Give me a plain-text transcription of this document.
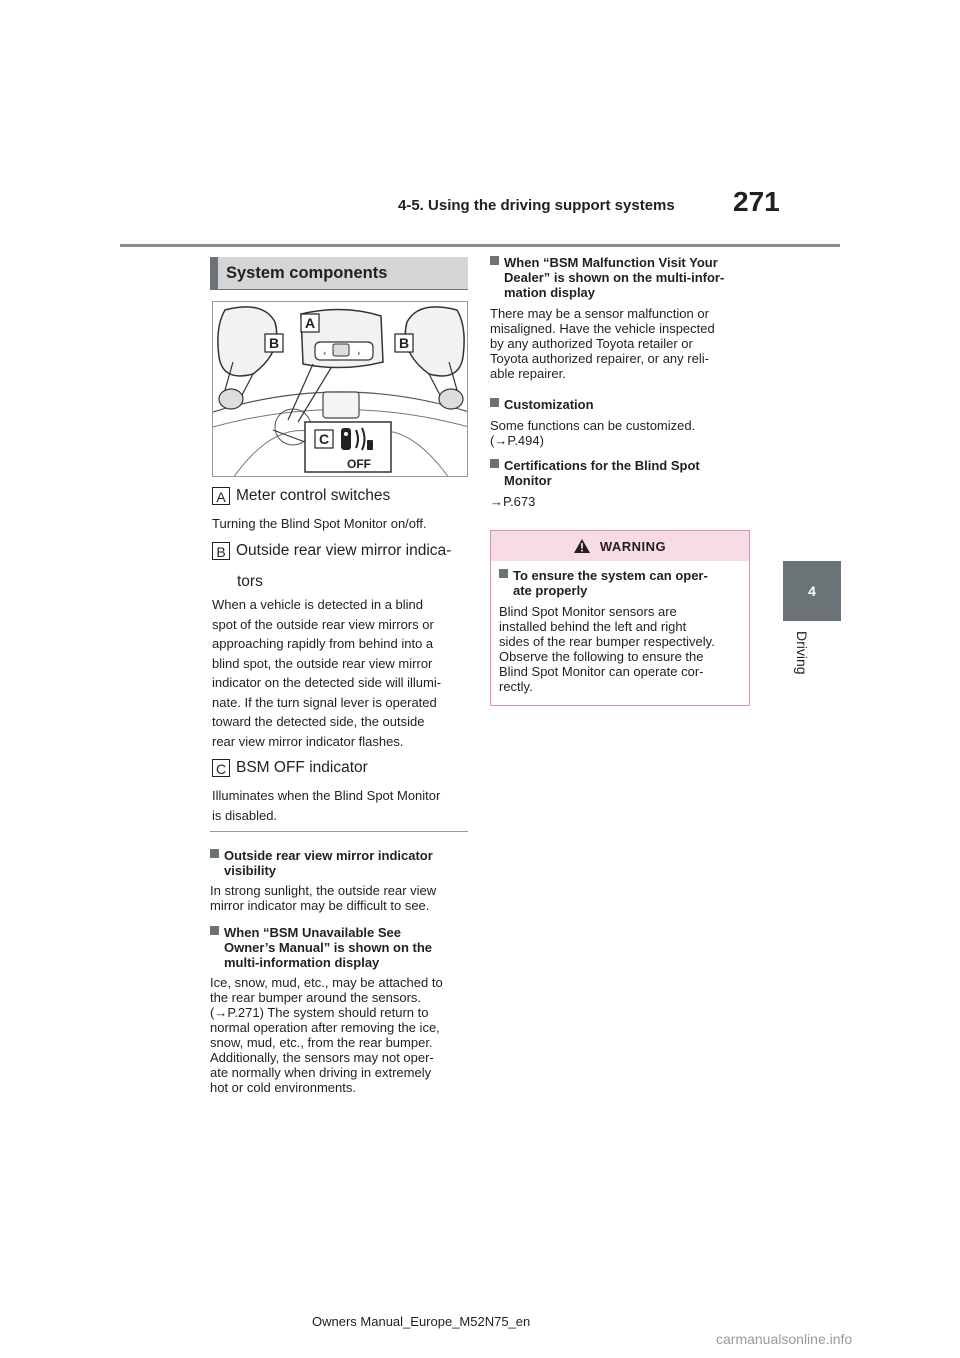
4-5. Using the driving support systems 271
4
Driving
System components
‹	›
A
B	B
C
OFF
A Meter control switches
Turning the Blind Spot Monitor on/off.
B Outside rear view mirror indica-
tors
When a vehicle is detected in a blind
spot of the outside rear view mirrors or
approaching rapidly from behind into a
blind spot, the outside rear view mirror
indicator on the detected side will illumi-
nate. If the turn signal lever is operated
toward the detected side, the outside
rear view mirror indicator flashes.
C BSM OFF indicator
Illuminates when the Blind Spot Monitor
is disabled.
Outside rear view mirror indicator
visibility
In strong sunlight, the outside rear view
mirror indicator may be difficult to see.
When “BSM Unavailable See
Owner’s Manual” is shown on the
multi-information display
Ice, snow, mud, etc., may be attached to
the rear bumper around the sensors.
(→P.271) The system should return to
normal operation after removing the ice,
snow, mud, etc., from the rear bumper.
Additionally, the sensors may not oper-
ate normally when driving in extremely
hot or cold environments.
When “BSM Malfunction Visit Your
Dealer” is shown on the multi-infor-
mation display
There may be a sensor malfunction or
misaligned. Have the vehicle inspected
by any authorized Toyota retailer or
Toyota authorized repairer, or any reli-
able repairer.
Customization
Some functions can be customized.
(→P.494)
Certifications for the Blind Spot
Monitor
→P.673
WARNING
To ensure the system can oper-
ate properly
Blind Spot Monitor sensors are
installed behind the left and right
sides of the rear bumper respectively.
Observe the following to ensure the
Blind Spot Monitor can operate cor-
rectly.
Owners Manual_Europe_M52N75_en
carmanualsonline.info
